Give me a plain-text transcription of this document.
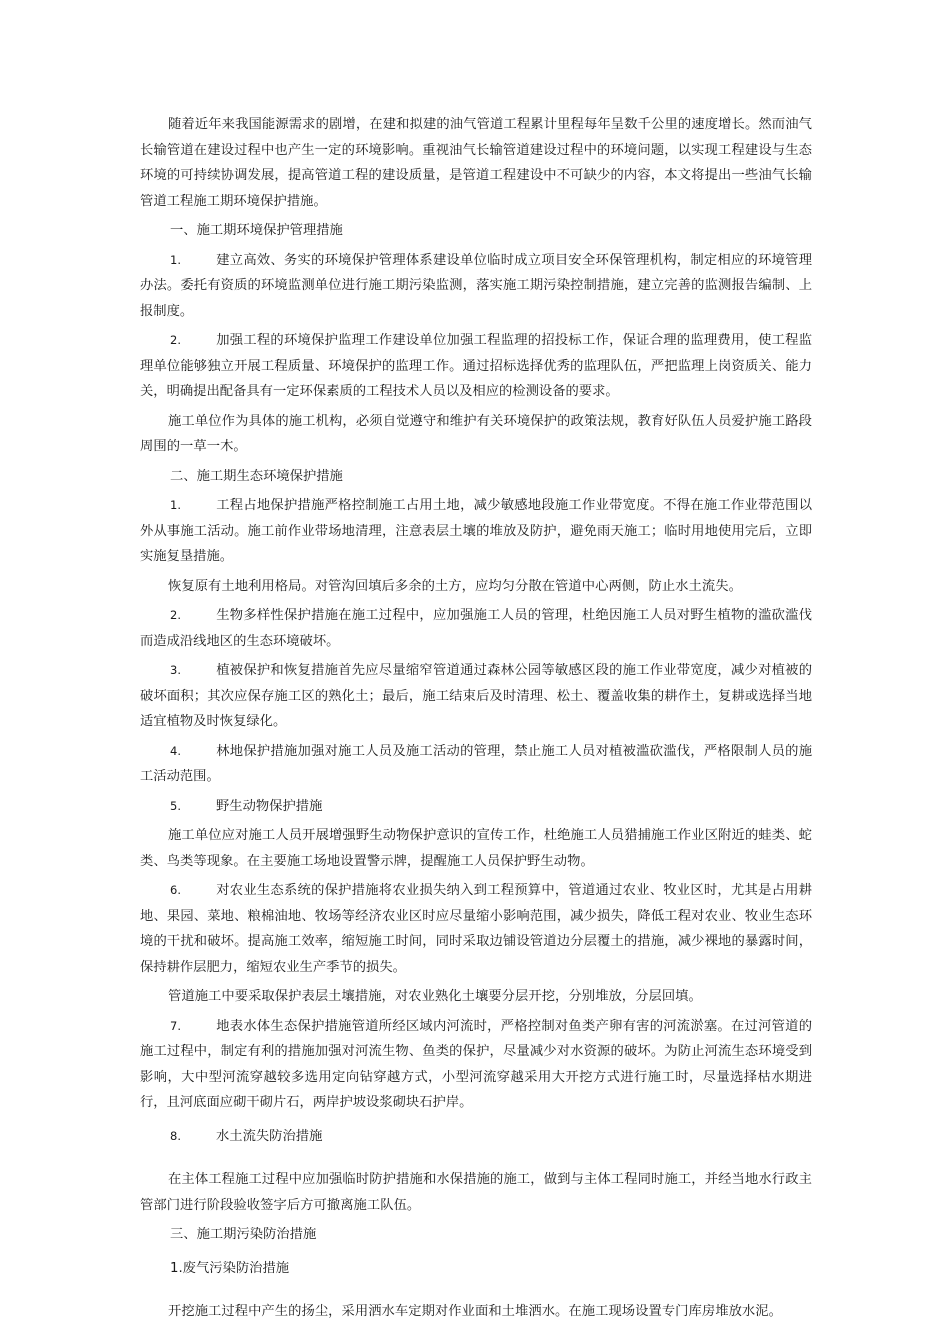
随着近年来我国能源需求的剧增，在建和拟建的油气管道工程累计里程每年呈数千公里的速度增长。然而油气长输管道在建设过程中也产生一定的环境影响。重视油气长输管道建设过程中的环境问题，以实现工程建设与生态环境的可持续协调发展，提高管道工程的建设质量，是管道工程建设中不可缺少的内容，本文将提出一些油气长输管道工程施工期环境保护措施。

一、施工期环境保护管理措施

1.	建立高效、务实的环境保护管理体系建设单位临时成立项目安全环保管理机构，制定相应的环境管理办法。委托有资质的环境监测单位进行施工期污染监测，落实施工期污染控制措施，建立完善的监测报告编制、上报制度。

2.	加强工程的环境保护监理工作建设单位加强工程监理的招投标工作，保证合理的监理费用，使工程监理单位能够独立开展工程质量、环境保护的监理工作。通过招标选择优秀的监理队伍，严把监理上岗资质关、能力关，明确提出配备具有一定环保素质的工程技术人员以及相应的检测设备的要求。

施工单位作为具体的施工机构，必须自觉遵守和维护有关环境保护的政策法规，教育好队伍人员爱护施工路段周围的一草一木。

二、施工期生态环境保护措施

1.	工程占地保护措施严格控制施工占用土地，减少敏感地段施工作业带宽度。不得在施工作业带范围以外从事施工活动。施工前作业带场地清理，注意表层土壤的堆放及防护，避免雨天施工；临时用地使用完后，立即实施复垦措施。

恢复原有土地利用格局。对管沟回填后多余的土方，应均匀分散在管道中心两侧，防止水土流失。

2.	生物多样性保护措施在施工过程中，应加强施工人员的管理，杜绝因施工人员对野生植物的滥砍滥伐而造成沿线地区的生态环境破坏。

3.	植被保护和恢复措施首先应尽量缩窄管道通过森林公园等敏感区段的施工作业带宽度，减少对植被的破坏面积；其次应保存施工区的熟化土；最后，施工结束后及时清理、松土、覆盖收集的耕作土，复耕或选择当地适宜植物及时恢复绿化。

4.	林地保护措施加强对施工人员及施工活动的管理，禁止施工人员对植被滥砍滥伐，严格限制人员的施工活动范围。

5.	野生动物保护措施

施工单位应对施工人员开展增强野生动物保护意识的宣传工作，杜绝施工人员猎捕施工作业区附近的蛙类、蛇类、鸟类等现象。在主要施工场地设置警示牌，提醒施工人员保护野生动物。

6.	对农业生态系统的保护措施将农业损失纳入到工程预算中，管道通过农业、牧业区时，尤其是占用耕地、果园、菜地、粮棉油地、牧场等经济农业区时应尽量缩小影响范围，减少损失，降低工程对农业、牧业生态环境的干扰和破坏。提高施工效率，缩短施工时间，同时采取边铺设管道边分层覆土的措施，减少裸地的暴露时间，保持耕作层肥力，缩短农业生产季节的损失。

管道施工中要采取保护表层土壤措施，对农业熟化土壤要分层开挖，分别堆放，分层回填。

7.	地表水体生态保护措施管道所经区域内河流时，严格控制对鱼类产卵有害的河流淤塞。在过河管道的施工过程中，制定有利的措施加强对河流生物、鱼类的保护，尽量减少对水资源的破坏。为防止河流生态环境受到影响，大中型河流穿越较多选用定向钻穿越方式，小型河流穿越采用大开挖方式进行施工时，尽量选择枯水期进行，且河底面应砌干砌片石，两岸护坡设浆砌块石护岸。

8.	水土流失防治措施

在主体工程施工过程中应加强临时防护措施和水保措施的施工，做到与主体工程同时施工，并经当地水行政主管部门进行阶段验收签字后方可撤离施工队伍。

三、施工期污染防治措施

1.废气污染防治措施

开挖施工过程中产生的扬尘，采用洒水车定期对作业面和土堆洒水。在施工现场设置专门库房堆放水泥。
